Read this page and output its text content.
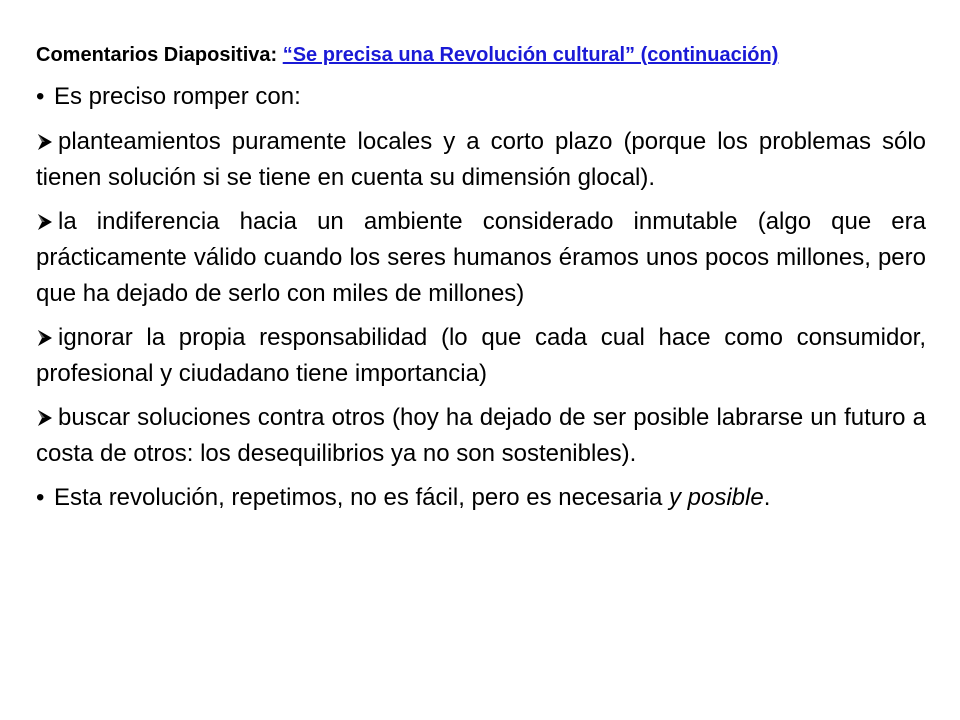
Comentarios Diapositiva: “Se precisa una Revolución cultural” (continuación)
• Es preciso romper con:
planteamientos puramente locales y a corto plazo (porque los problemas sólo tienen solución si se tiene en cuenta su dimensión glocal).
la indiferencia hacia un ambiente considerado inmutable (algo que era prácticamente válido cuando los seres humanos éramos unos pocos millones, pero que ha dejado de serlo con miles de millones)
ignorar la propia responsabilidad (lo que cada cual hace como consumidor, profesional y ciudadano tiene importancia)
buscar soluciones contra otros (hoy ha dejado de ser posible labrarse un futuro a costa de otros: los desequilibrios ya no son sostenibles).
• Esta revolución, repetimos, no es fácil, pero es necesaria y posible.
